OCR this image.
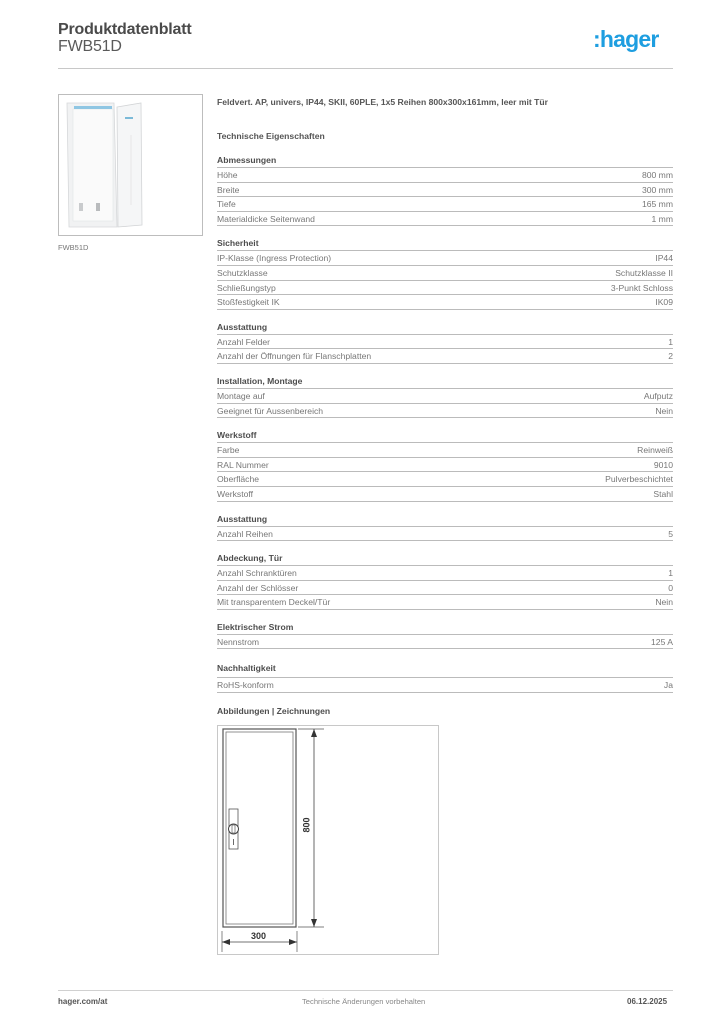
Produktdatenblatt
FWB51D	:hager
FWB51D
Feldvert. AP, univers, IP44, SKII, 60PLE, 1x5 Reihen 800x300x161mm, leer mit Tür
Technische Eigenschaften
Abmessungen
Höhe	800 mm
Breite	300 mm
Tiefe	165 mm
Materialdicke Seitenwand	1 mm
Sicherheit
IP-Klasse (Ingress Protection)	IP44
Schutzklasse	Schutzklasse II
Schließungstyp	3-Punkt Schloss
Stoßfestigkeit IK	IK09
Ausstattung
Anzahl Felder	1
Anzahl der Öffnungen für Flanschplatten	2
Installation, Montage
Montage auf	Aufputz
Geeignet für Aussenbereich	Nein
Werkstoff
Farbe	Reinweiß
RAL Nummer	9010
Oberfläche	Pulverbeschichtet
Werkstoff	Stahl
Ausstattung
Anzahl Reihen	5
Abdeckung, Tür
Anzahl Schranktüren	1
Anzahl der Schlösser	0
Mit transparentem Deckel/Tür	Nein
Elektrischer Strom
Nennstrom	125 A
Nachhaltigkeit
RoHS-konform	Ja
Abbildungen | Zeichnungen
800
300
hager.com/at	Technische Änderungen vorbehalten	06.12.2025
